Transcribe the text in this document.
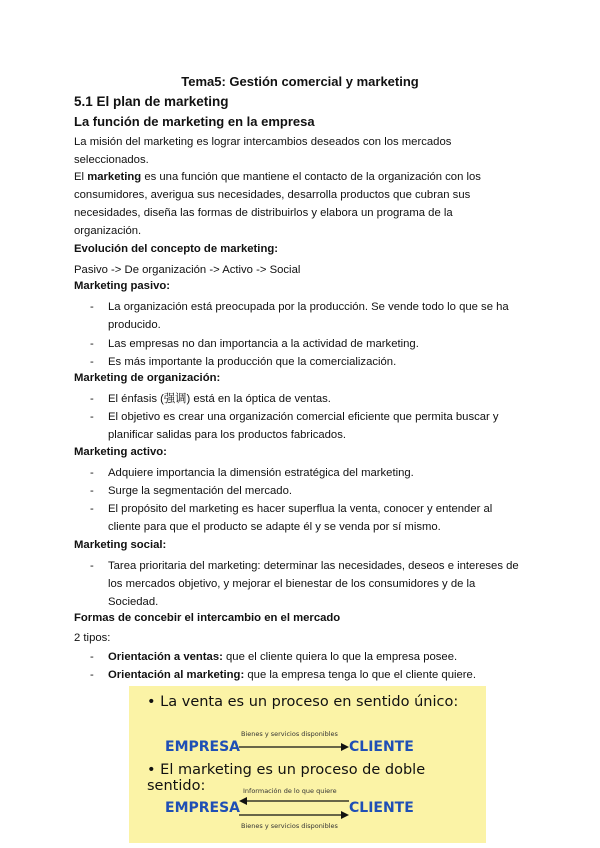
Tema5: Gestión comercial y marketing
5.1 El plan de marketing
La función de marketing en la empresa
La misión del marketing es lograr intercambios deseados con los mercados seleccionados.
El marketing es una función que mantiene el contacto de la organización con los consumidores, averigua sus necesidades, desarrolla productos que cubran sus necesidades, diseña las formas de distribuirlos y elabora un programa de la organización.
Evolución del concepto de marketing:
Pasivo -> De organización -> Activo -> Social
Marketing pasivo:
- La organización está preocupada por la producción. Se vende todo lo que se ha producido.
- Las empresas no dan importancia a la actividad de marketing.
- Es más importante la producción que la comercialización.
Marketing de organización:
- El énfasis (强调) está en la óptica de ventas.
- El objetivo es crear una organización comercial eficiente que permita buscar y planificar salidas para los productos fabricados.
Marketing activo:
- Adquiere importancia la dimensión estratégica del marketing.
- Surge la segmentación del mercado.
- El propósito del marketing es hacer superflua la venta, conocer y entender al cliente para que el producto se adapte él y se venda por sí mismo.
Marketing social:
- Tarea prioritaria del marketing: determinar las necesidades, deseos e intereses de los mercados objetivo, y mejorar el bienestar de los consumidores y de la Sociedad.
Formas de concebir el intercambio en el mercado
2 tipos:
- Orientación a ventas: que el cliente quiera lo que la empresa posee.
- Orientación al marketing: que la empresa tenga lo que el cliente quiere.
• La venta es un proceso en sentido único:
EMPRESA
Bienes y servicios disponibles
CLIENTE
• El marketing es un proceso de doble sentido:	Información de lo que quiere
EMPRESA	CLIENTE
Bienes y servicios disponibles
